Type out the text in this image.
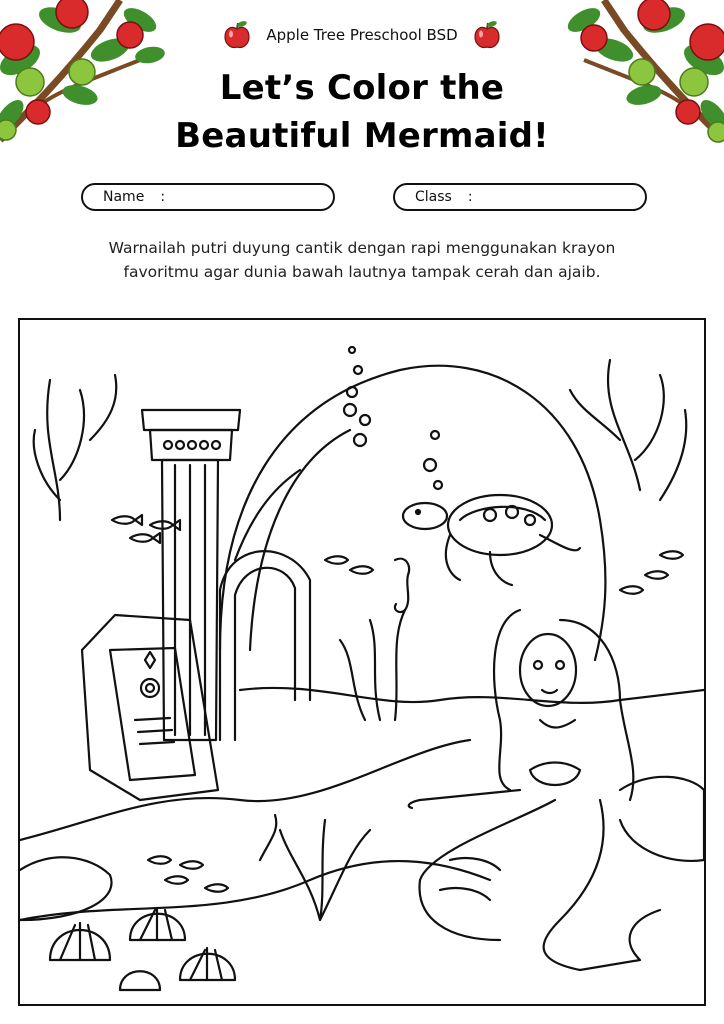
Apple Tree Preschool BSD
Let’s Color the
Beautiful Mermaid!
Name :	Class :
Warnailah putri duyung cantik dengan rapi menggunakan krayon
favoritmu agar dunia bawah lautnya tampak cerah dan ajaib.
